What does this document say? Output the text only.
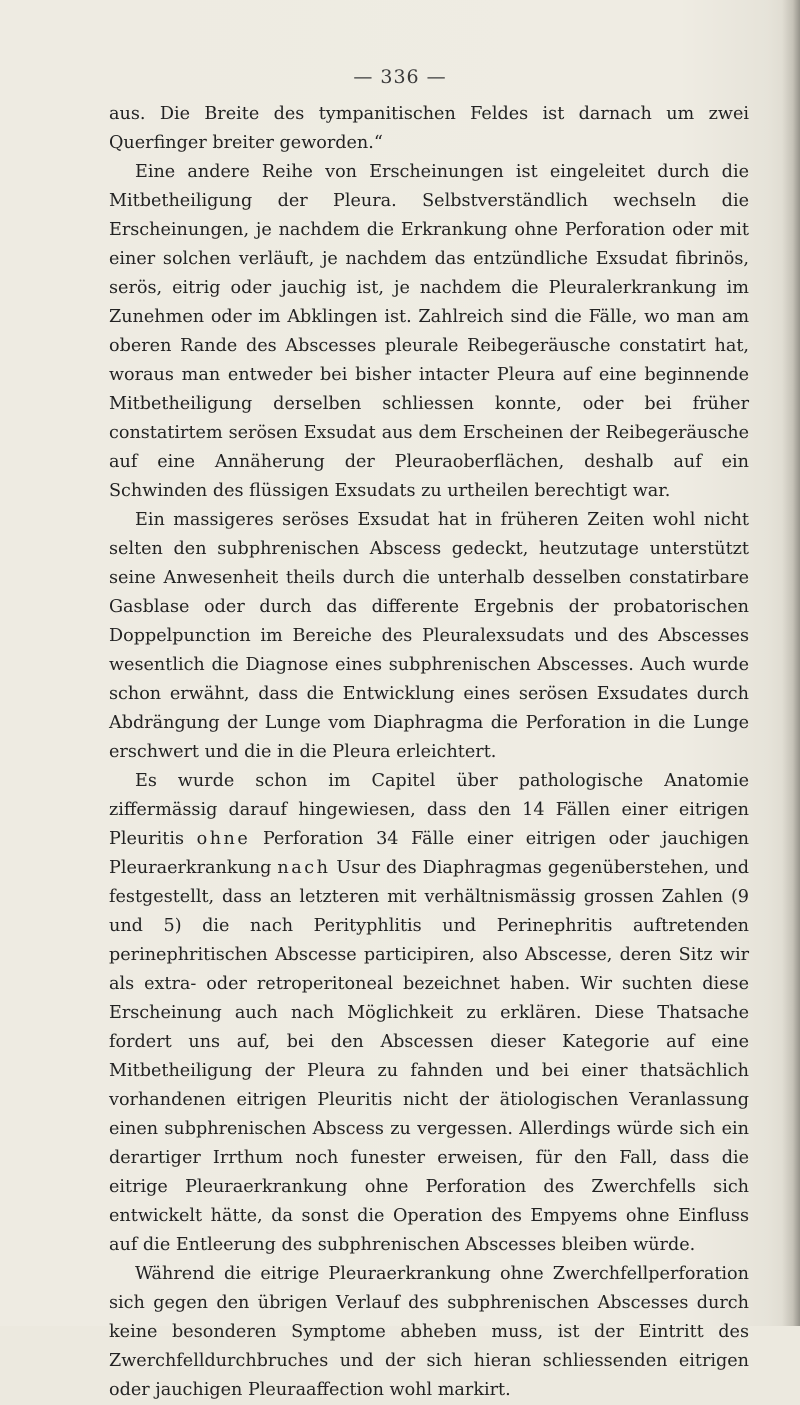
— 336 —

aus. Die Breite des tympanitischen Feldes ist darnach um zwei Querfinger breiter geworden.“

Eine andere Reihe von Erscheinungen ist eingeleitet durch die Mitbetheiligung der Pleura. Selbstverständlich wechseln die Erscheinungen, je nachdem die Erkrankung ohne Perforation oder mit einer solchen verläuft, je nachdem das entzündliche Exsudat fibrinös, serös, eitrig oder jauchig ist, je nachdem die Pleuralerkrankung im Zunehmen oder im Abklingen ist. Zahlreich sind die Fälle, wo man am oberen Rande des Abscesses pleurale Reibegeräusche constatirt hat, woraus man entweder bei bisher intacter Pleura auf eine beginnende Mitbetheiligung derselben schliessen konnte, oder bei früher constatirtem serösen Exsudat aus dem Erscheinen der Reibegeräusche auf eine Annäherung der Pleuraoberflächen, deshalb auf ein Schwinden des flüssigen Exsudats zu urtheilen berechtigt war.

Ein massigeres seröses Exsudat hat in früheren Zeiten wohl nicht selten den subphrenischen Abscess gedeckt, heutzutage unterstützt seine Anwesenheit theils durch die unterhalb desselben constatirbare Gasblase oder durch das differente Ergebnis der probatorischen Doppelpunction im Bereiche des Pleuralexsudats und des Abscesses wesentlich die Diagnose eines subphrenischen Abscesses. Auch wurde schon erwähnt, dass die Entwicklung eines serösen Exsudates durch Abdrängung der Lunge vom Diaphragma die Perforation in die Lunge erschwert und die in die Pleura erleichtert.

Es wurde schon im Capitel über pathologische Anatomie ziffermässig darauf hingewiesen, dass den 14 Fällen einer eitrigen Pleuritis ohne Perforation 34 Fälle einer eitrigen oder jauchigen Pleuraerkrankung nach Usur des Diaphragmas gegenüberstehen, und festgestellt, dass an letzteren mit verhältnismässig grossen Zahlen (9 und 5) die nach Perityphlitis und Perinephritis auftretenden perinephritischen Abscesse participiren, also Abscesse, deren Sitz wir als extra- oder retroperitoneal bezeichnet haben. Wir suchten diese Erscheinung auch nach Möglichkeit zu erklären. Diese Thatsache fordert uns auf, bei den Abscessen dieser Kategorie auf eine Mitbetheiligung der Pleura zu fahnden und bei einer thatsächlich vorhandenen eitrigen Pleuritis nicht der ätiologischen Veranlassung einen subphrenischen Abscess zu vergessen. Allerdings würde sich ein derartiger Irrthum noch funester erweisen, für den Fall, dass die eitrige Pleuraerkrankung ohne Perforation des Zwerchfells sich entwickelt hätte, da sonst die Operation des Empyems ohne Einfluss auf die Entleerung des subphrenischen Abscesses bleiben würde.

Während die eitrige Pleuraerkrankung ohne Zwerchfellperforation sich gegen den übrigen Verlauf des subphrenischen Abscesses durch keine besonderen Symptome abheben muss, ist der Eintritt des Zwerchfelldurchbruches und der sich hieran schliessenden eitrigen oder jauchigen Pleuraaffection wohl markirt.
